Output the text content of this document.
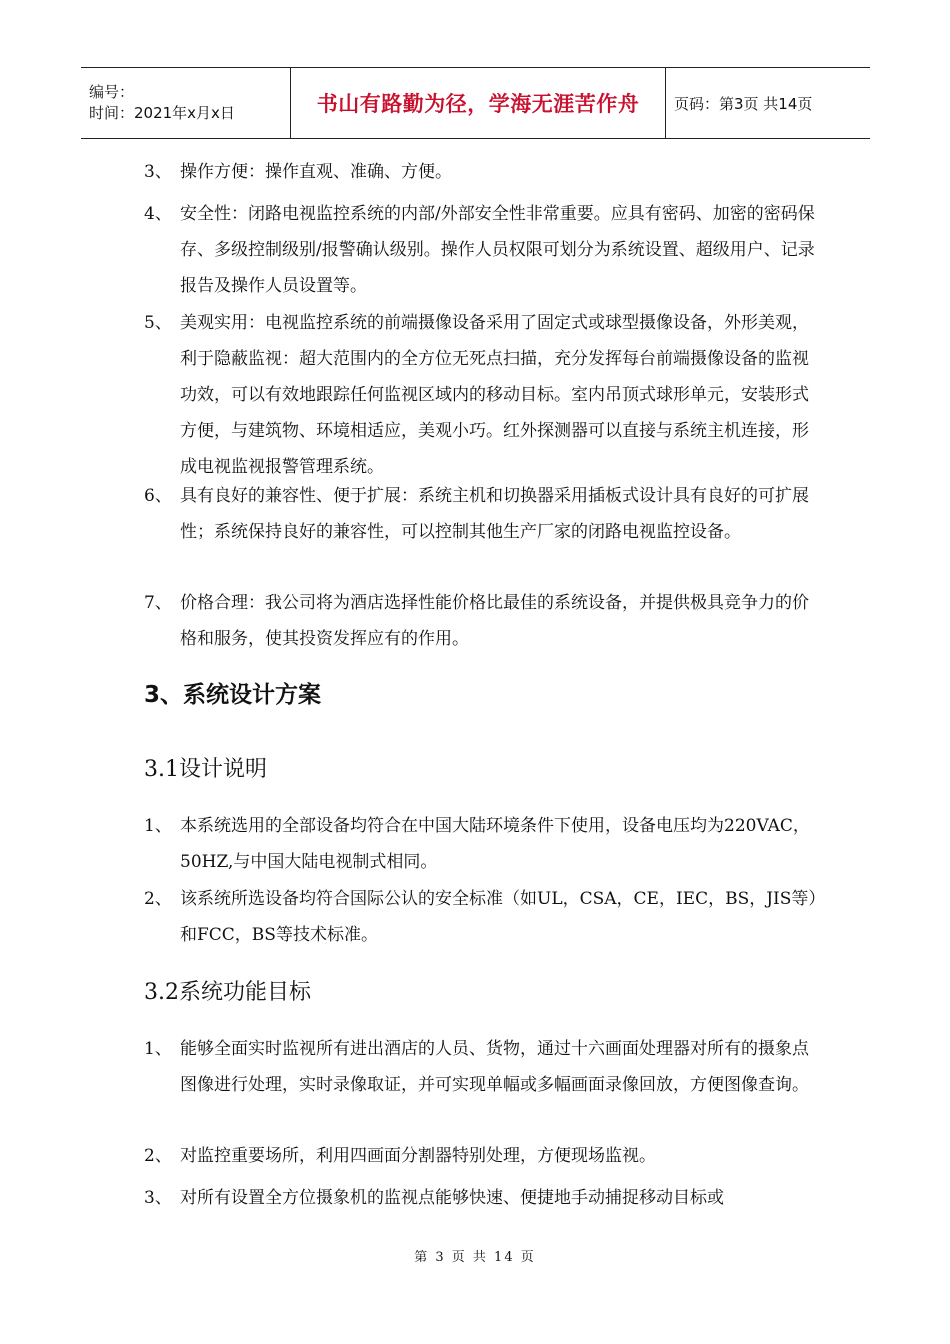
编号：
时间：2021年x月x日	书山有路勤为径，学海无涯苦作舟 页码：第3页 共14页
3、 操作方便：操作直观、准确、方便。
4、 安全性：闭路电视监控系统的内部/外部安全性非常重要。应具有密码、加密的密码保存、多级控制级别/报警确认级别。操作人员权限可划分为系统设置、超级用户、记录报告及操作人员设置等。
5、 美观实用：电视监控系统的前端摄像设备采用了固定式或球型摄像设备，外形美观，利于隐蔽监视：超大范围内的全方位无死点扫描，充分发挥每台前端摄像设备的监视功效，可以有效地跟踪任何监视区域内的移动目标。室内吊顶式球形单元，安装形式方便，与建筑物、环境相适应，美观小巧。红外探测器可以直接与系统主机连接，形成电视监视报警管理系统。
6、 具有良好的兼容性、便于扩展：系统主机和切换器采用插板式设计具有良好的可扩展性；系统保持良好的兼容性，可以控制其他生产厂家的闭路电视监控设备。
7、 价格合理：我公司将为酒店选择性能价格比最佳的系统设备，并提供极具竞争力的价格和服务，使其投资发挥应有的作用。
3、系统设计方案
3.1设计说明
1、 本系统选用的全部设备均符合在中国大陆环境条件下使用，设备电压均为220VAC，50HZ,与中国大陆电视制式相同。
2、 该系统所选设备均符合国际公认的安全标准（如UL，CSA，CE，IEC，BS，JIS等）和FCC，BS等技术标准。
3.2系统功能目标
1、 能够全面实时监视所有进出酒店的人员、货物，通过十六画面处理器对所有的摄象点图像进行处理，实时录像取证，并可实现单幅或多幅画面录像回放，方便图像查询。
2、 对监控重要场所，利用四画面分割器特别处理，方便现场监视。
3、 对所有设置全方位摄象机的监视点能够快速、便捷地手动捕捉移动目标或
第 3 页 共 14 页
